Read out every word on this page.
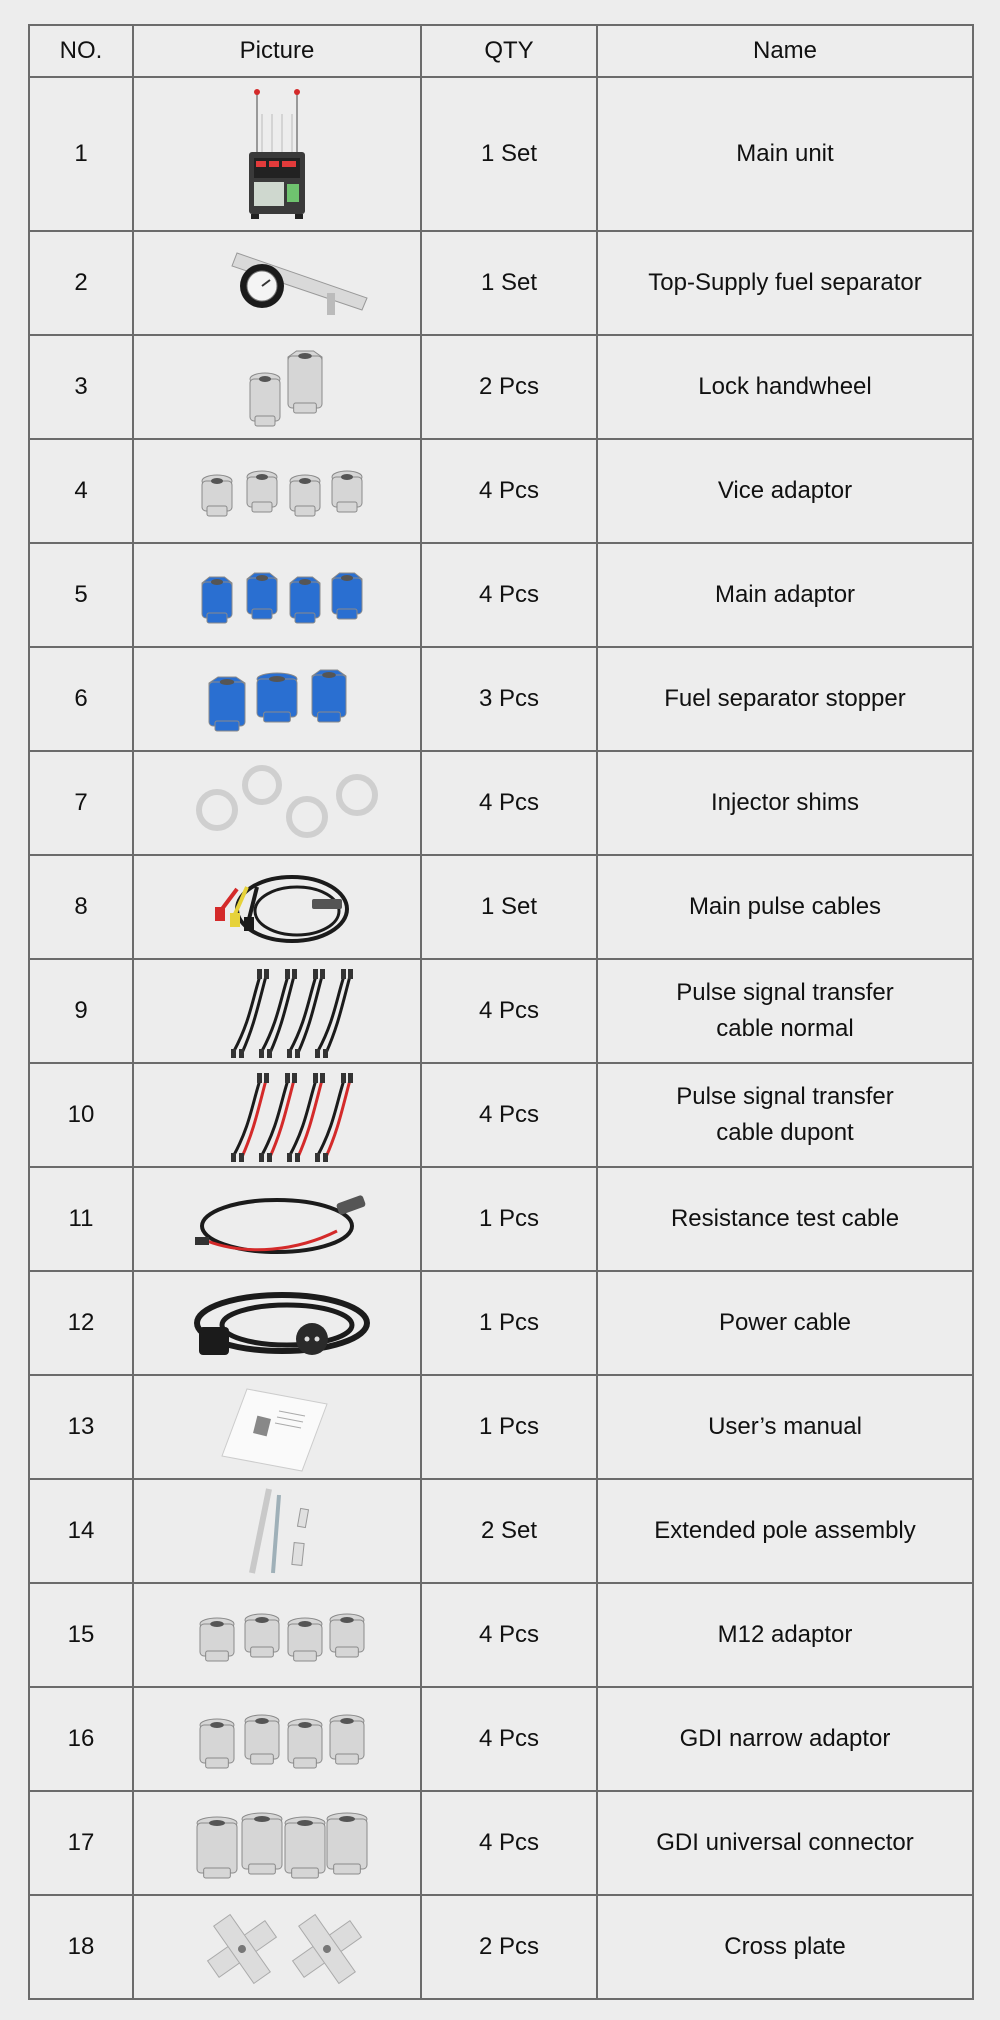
NO.	Picture	QTY	Name
1		1 Set	Main unit
2		1 Set	Top-Supply fuel separator
3		2 Pcs	Lock handwheel
4		4 Pcs	Vice adaptor
5		4 Pcs	Main adaptor
6		3 Pcs	Fuel separator stopper
7		4 Pcs	Injector shims
8		1 Set	Main pulse cables
9		4 Pcs	Pulse signal transfer
cable normal
10		4 Pcs	Pulse signal transfer
cable dupont
11		1 Pcs	Resistance test cable
12		1 Pcs	Power cable
13		1 Pcs	User’s manual
14		2 Set	Extended pole assembly
15		4 Pcs	M12 adaptor
16		4 Pcs	GDI narrow adaptor
17		4 Pcs	GDI universal connector
18		2 Pcs	Cross plate
